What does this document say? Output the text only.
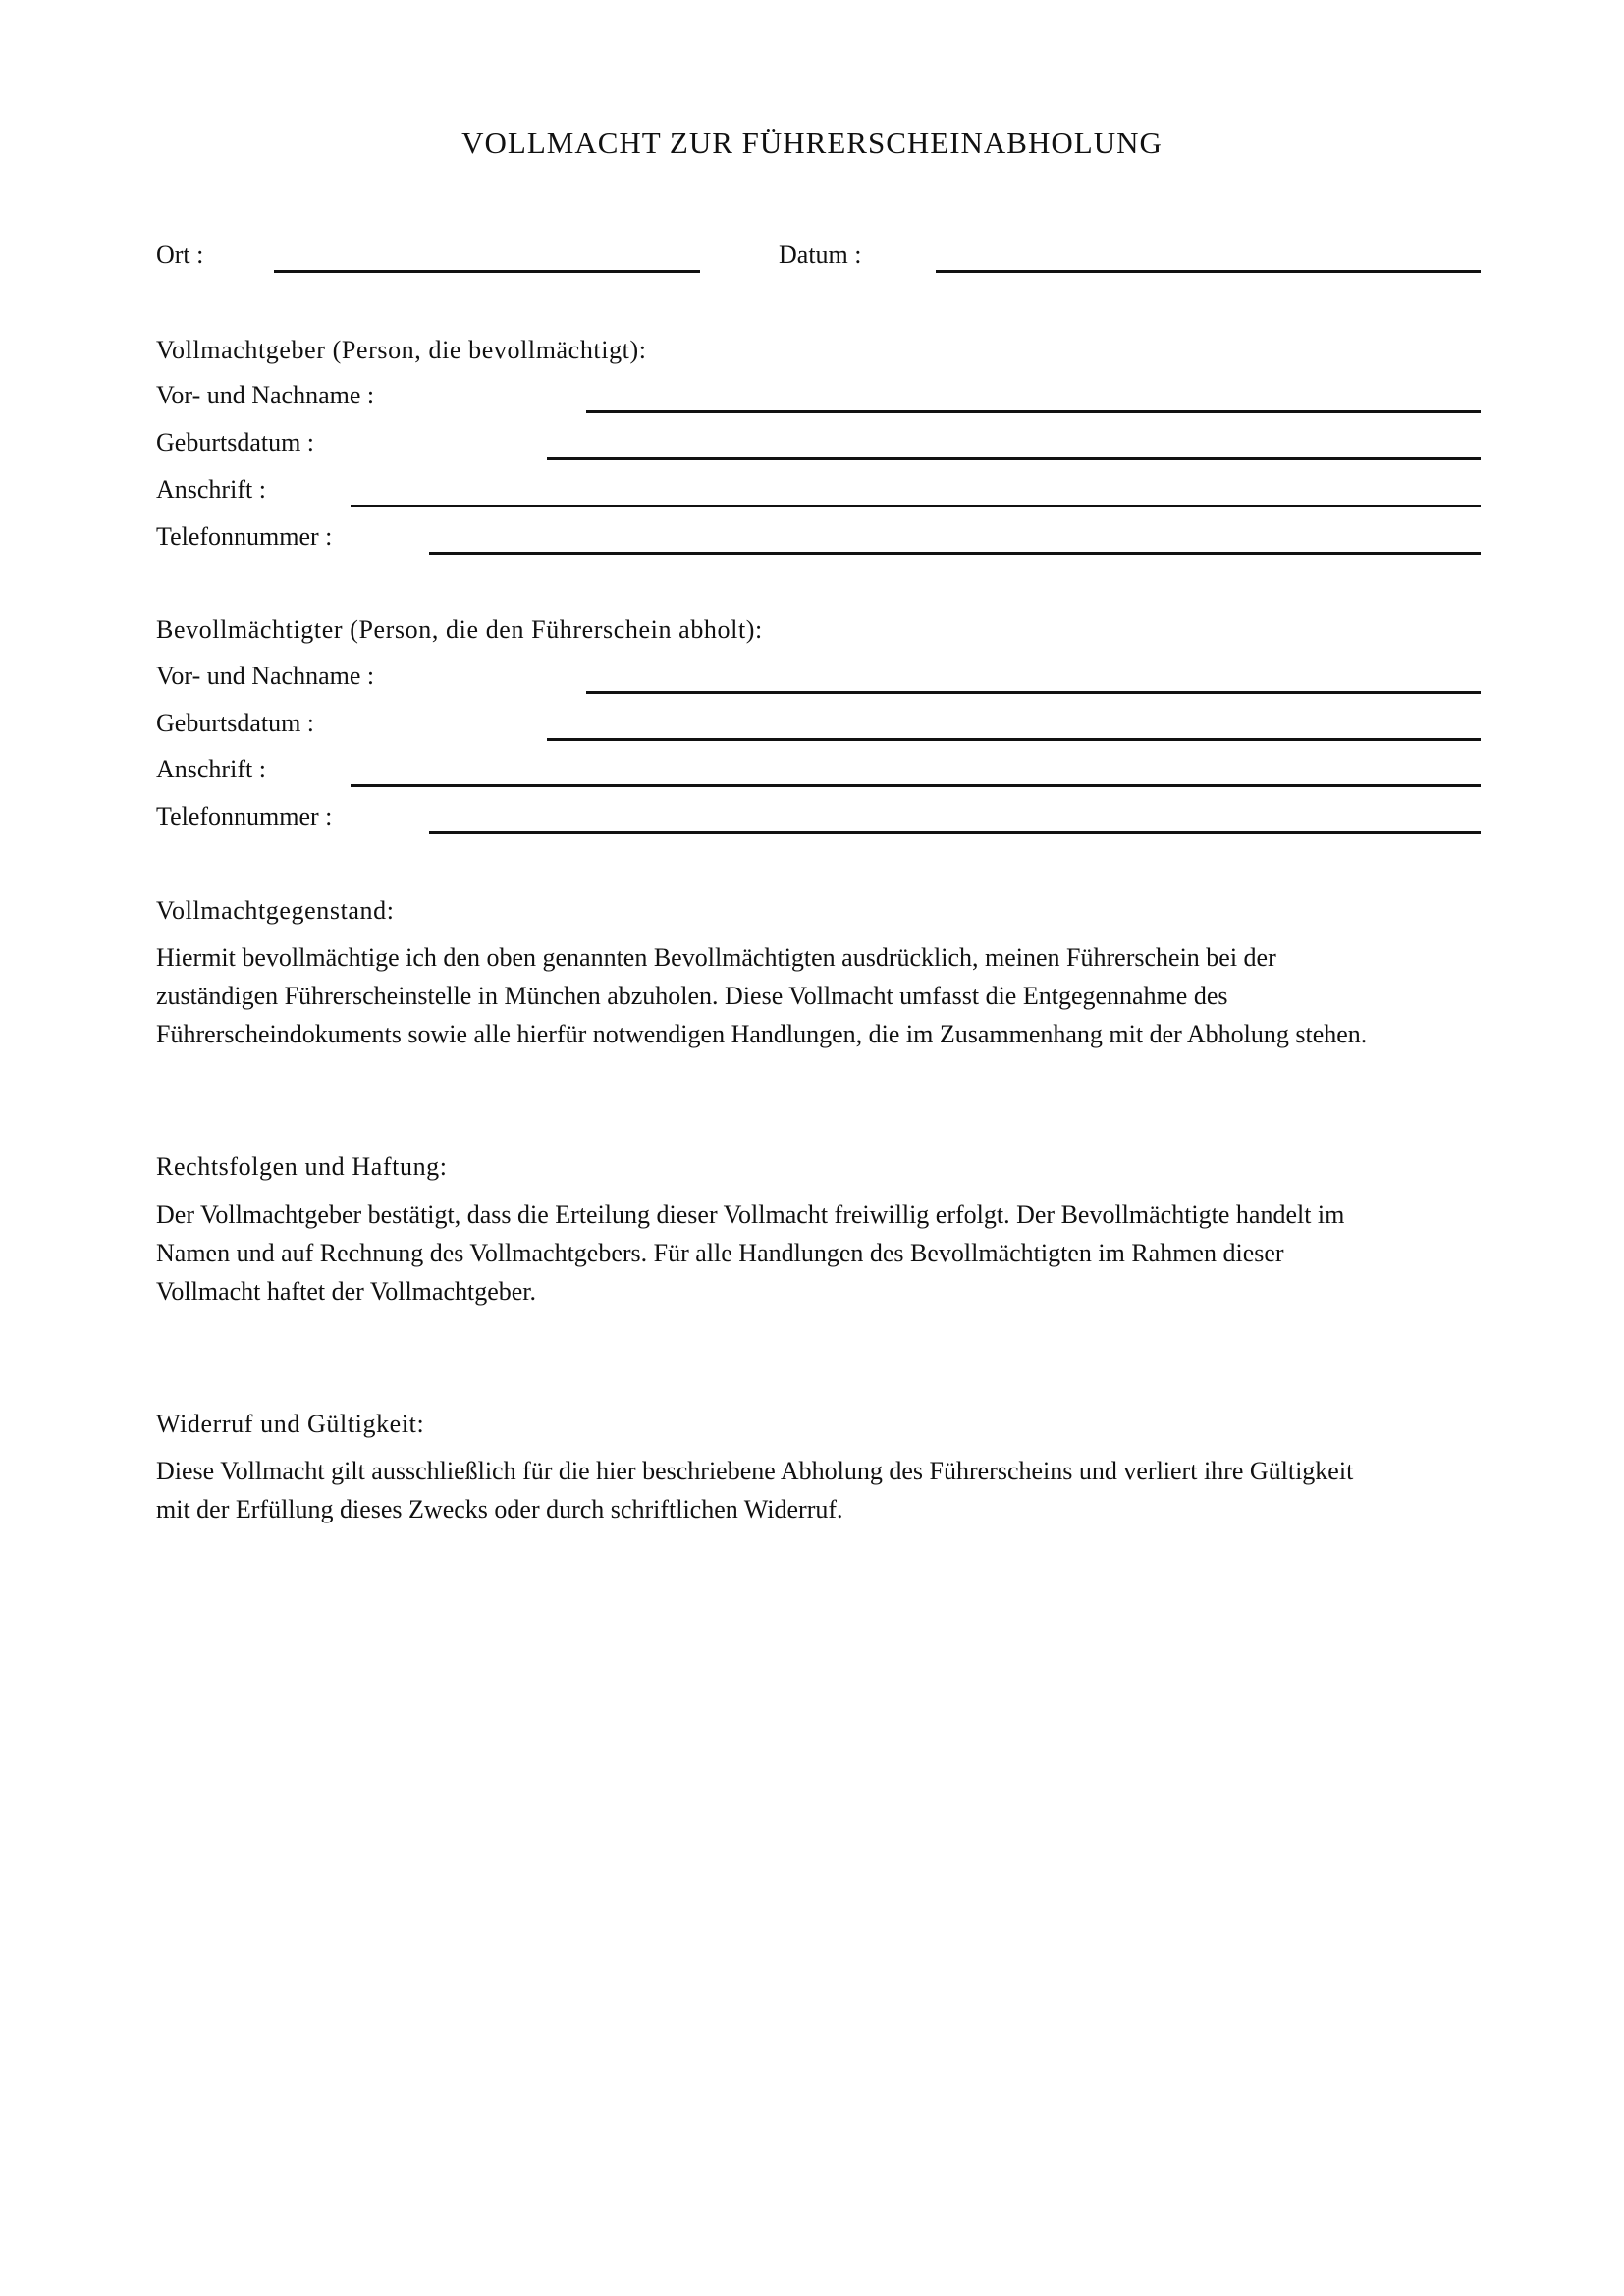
VOLLMACHT ZUR FÜHRERSCHEINABHOLUNG
Ort :	Datum :
Vollmachtgeber (Person, die bevollmächtigt):
Vor- und Nachname :
Geburtsdatum :
Anschrift :
Telefonnummer :
Bevollmächtigter (Person, die den Führerschein abholt):
Vor- und Nachname :
Geburtsdatum :
Anschrift :
Telefonnummer :
Vollmachtgegenstand:
Hiermit bevollmächtige ich den oben genannten Bevollmächtigten ausdrücklich, meinen Führerschein bei der
zuständigen Führerscheinstelle in München abzuholen. Diese Vollmacht umfasst die Entgegennahme des
Führerscheindokuments sowie alle hierfür notwendigen Handlungen, die im Zusammenhang mit der Abholung stehen.
Rechtsfolgen und Haftung:
Der Vollmachtgeber bestätigt, dass die Erteilung dieser Vollmacht freiwillig erfolgt. Der Bevollmächtigte handelt im
Namen und auf Rechnung des Vollmachtgebers. Für alle Handlungen des Bevollmächtigten im Rahmen dieser
Vollmacht haftet der Vollmachtgeber.
Widerruf und Gültigkeit:
Diese Vollmacht gilt ausschließlich für die hier beschriebene Abholung des Führerscheins und verliert ihre Gültigkeit
mit der Erfüllung dieses Zwecks oder durch schriftlichen Widerruf.
